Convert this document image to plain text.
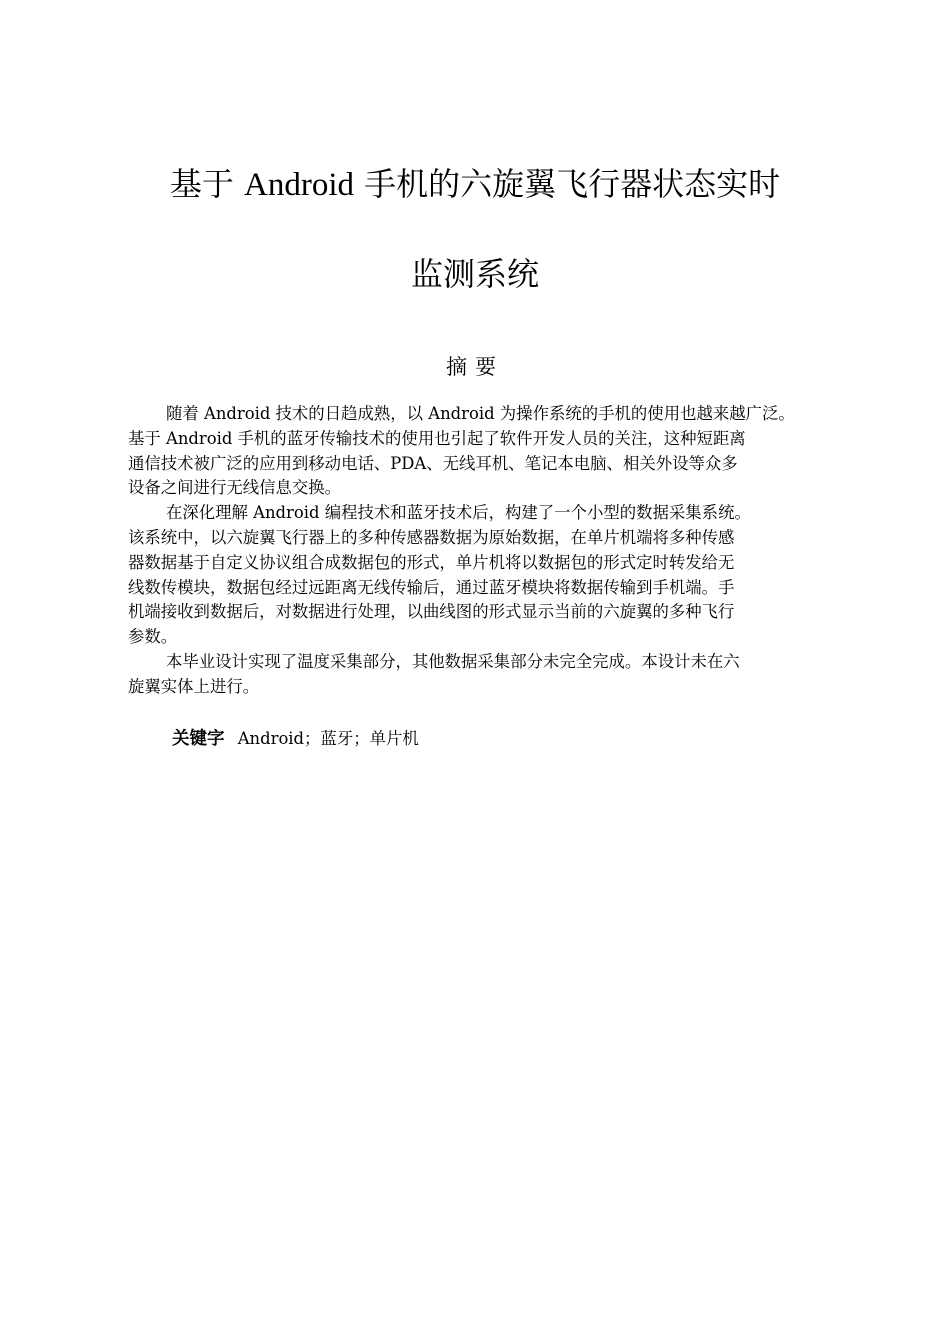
基于 Android 手机的六旋翼飞行器状态实时
监测系统
摘要
随着 Android 技术的日趋成熟，以 Android 为操作系统的手机的使用也越来越广泛。
基于 Android 手机的蓝牙传输技术的使用也引起了软件开发人员的关注，这种短距离
通信技术被广泛的应用到移动电话、PDA、无线耳机、笔记本电脑、相关外设等众多
设备之间进行无线信息交换。
在深化理解 Android 编程技术和蓝牙技术后，构建了一个小型的数据采集系统。
该系统中，以六旋翼飞行器上的多种传感器数据为原始数据，在单片机端将多种传感
器数据基于自定义协议组合成数据包的形式，单片机将以数据包的形式定时转发给无
线数传模块，数据包经过远距离无线传输后，通过蓝牙模块将数据传输到手机端。手
机端接收到数据后，对数据进行处理，以曲线图的形式显示当前的六旋翼的多种飞行
参数。
本毕业设计实现了温度采集部分，其他数据采集部分未完全完成。本设计未在六
旋翼实体上进行。
关键字 Android；蓝牙；单片机
